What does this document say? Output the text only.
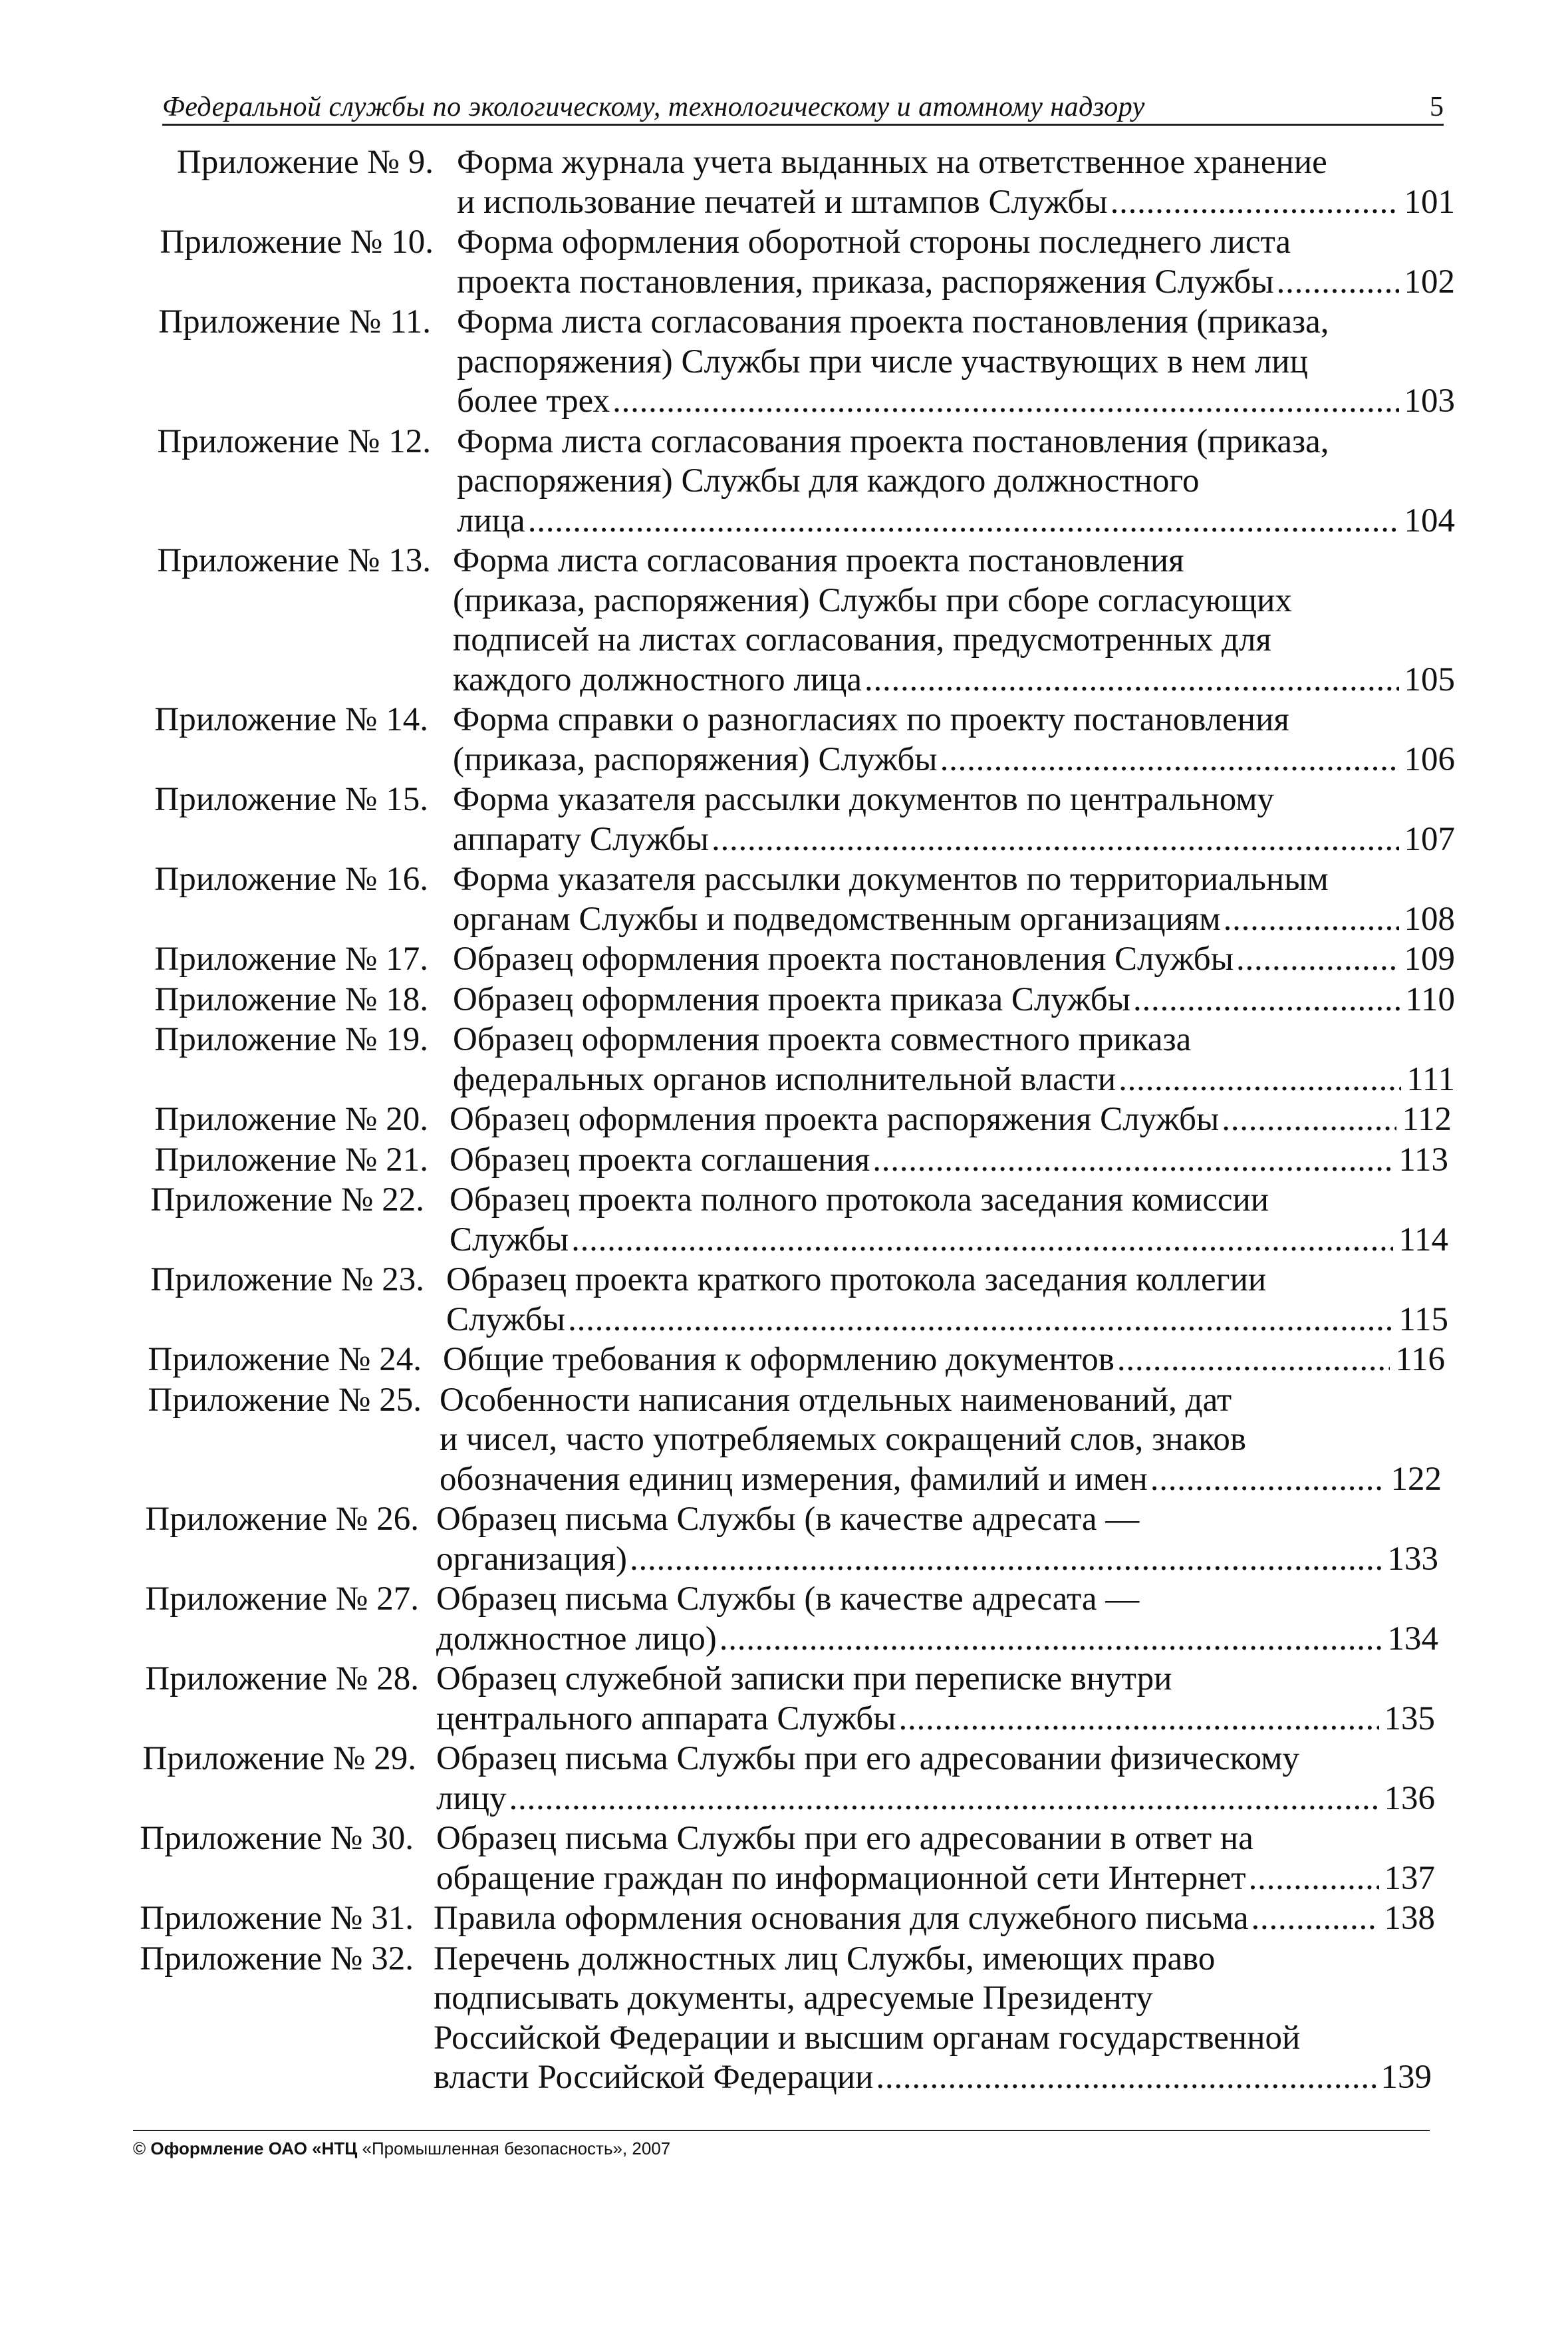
Федеральной службы по экологическому, технологическому и атомному надзору	5
Приложение № 9. Форма журнала учета выданных на ответственное хранение
и использование печатей и штампов Службы . . .	101
Приложение № 10. Форма оформления оборотной стороны последнего листа
проекта постановления, приказа, распоряжения Службы . . .	102
Приложение № 11. Форма листа согласования проекта постановления (приказа,
распоряжения) Службы при числе участвующих в нем лиц
более трех . . .	103
Приложение № 12. Форма листа согласования проекта постановления (приказа,
распоряжения) Службы для каждого должностного
лица . . .	104
Приложение № 13. Форма листа согласования проекта постановления
(приказа, распоряжения) Службы при сборе согласующих
подписей на листах согласования, предусмотренных для
каждого должностного лица . . .	105
Приложение № 14. Форма справки о разногласиях по проекту постановления
(приказа, распоряжения) Службы . . .	106
Приложение № 15. Форма указателя рассылки документов по центральному
аппарату Службы . . .	107
Приложение № 16. Форма указателя рассылки документов по территориальным
органам Службы и подведомственным организациям . . .	108
Приложение № 17. Образец оформления проекта постановления Службы . . .	109
Приложение № 18. Образец оформления проекта приказа Службы . . .	110
Приложение № 19. Образец оформления проекта совместного приказа
федеральных органов исполнительной власти . . .	111
Приложение № 20. Образец оформления проекта распоряжения Службы . . .	112
Приложение № 21. Образец проекта соглашения . . .	113
Приложение № 22. Образец проекта полного протокола заседания комиссии
Службы . . .	114
Приложение № 23. Образец проекта краткого протокола заседания коллегии
Службы . . .	115
Приложение № 24. Общие требования к оформлению документов . . .	116
Приложение № 25. Особенности написания отдельных наименований, дат
и чисел, часто употребляемых сокращений слов, знаков
обозначения единиц измерения, фамилий и имен . . .	122
Приложение № 26. Образец письма Службы (в качестве адресата —
организация) . . .	133
Приложение № 27. Образец письма Службы (в качестве адресата —
должностное лицо) . . .	134
Приложение № 28. Образец служебной записки при переписке внутри
центрального аппарата Службы . . .	135
Приложение № 29. Образец письма Службы при его адресовании физическому
лицу . . .	136
Приложение № 30. Образец письма Службы при его адресовании в ответ на
обращение граждан по информационной сети Интернет . . .	137
Приложение № 31. Правила оформления основания для служебного письма . . .	138
Приложение № 32. Перечень должностных лиц Службы, имеющих право
подписывать документы, адресуемые Президенту
Российской Федерации и высшим органам государственной
власти Российской Федерации . . .	139
© Оформление ОАО «НТЦ «Промышленная безопасность», 2007
